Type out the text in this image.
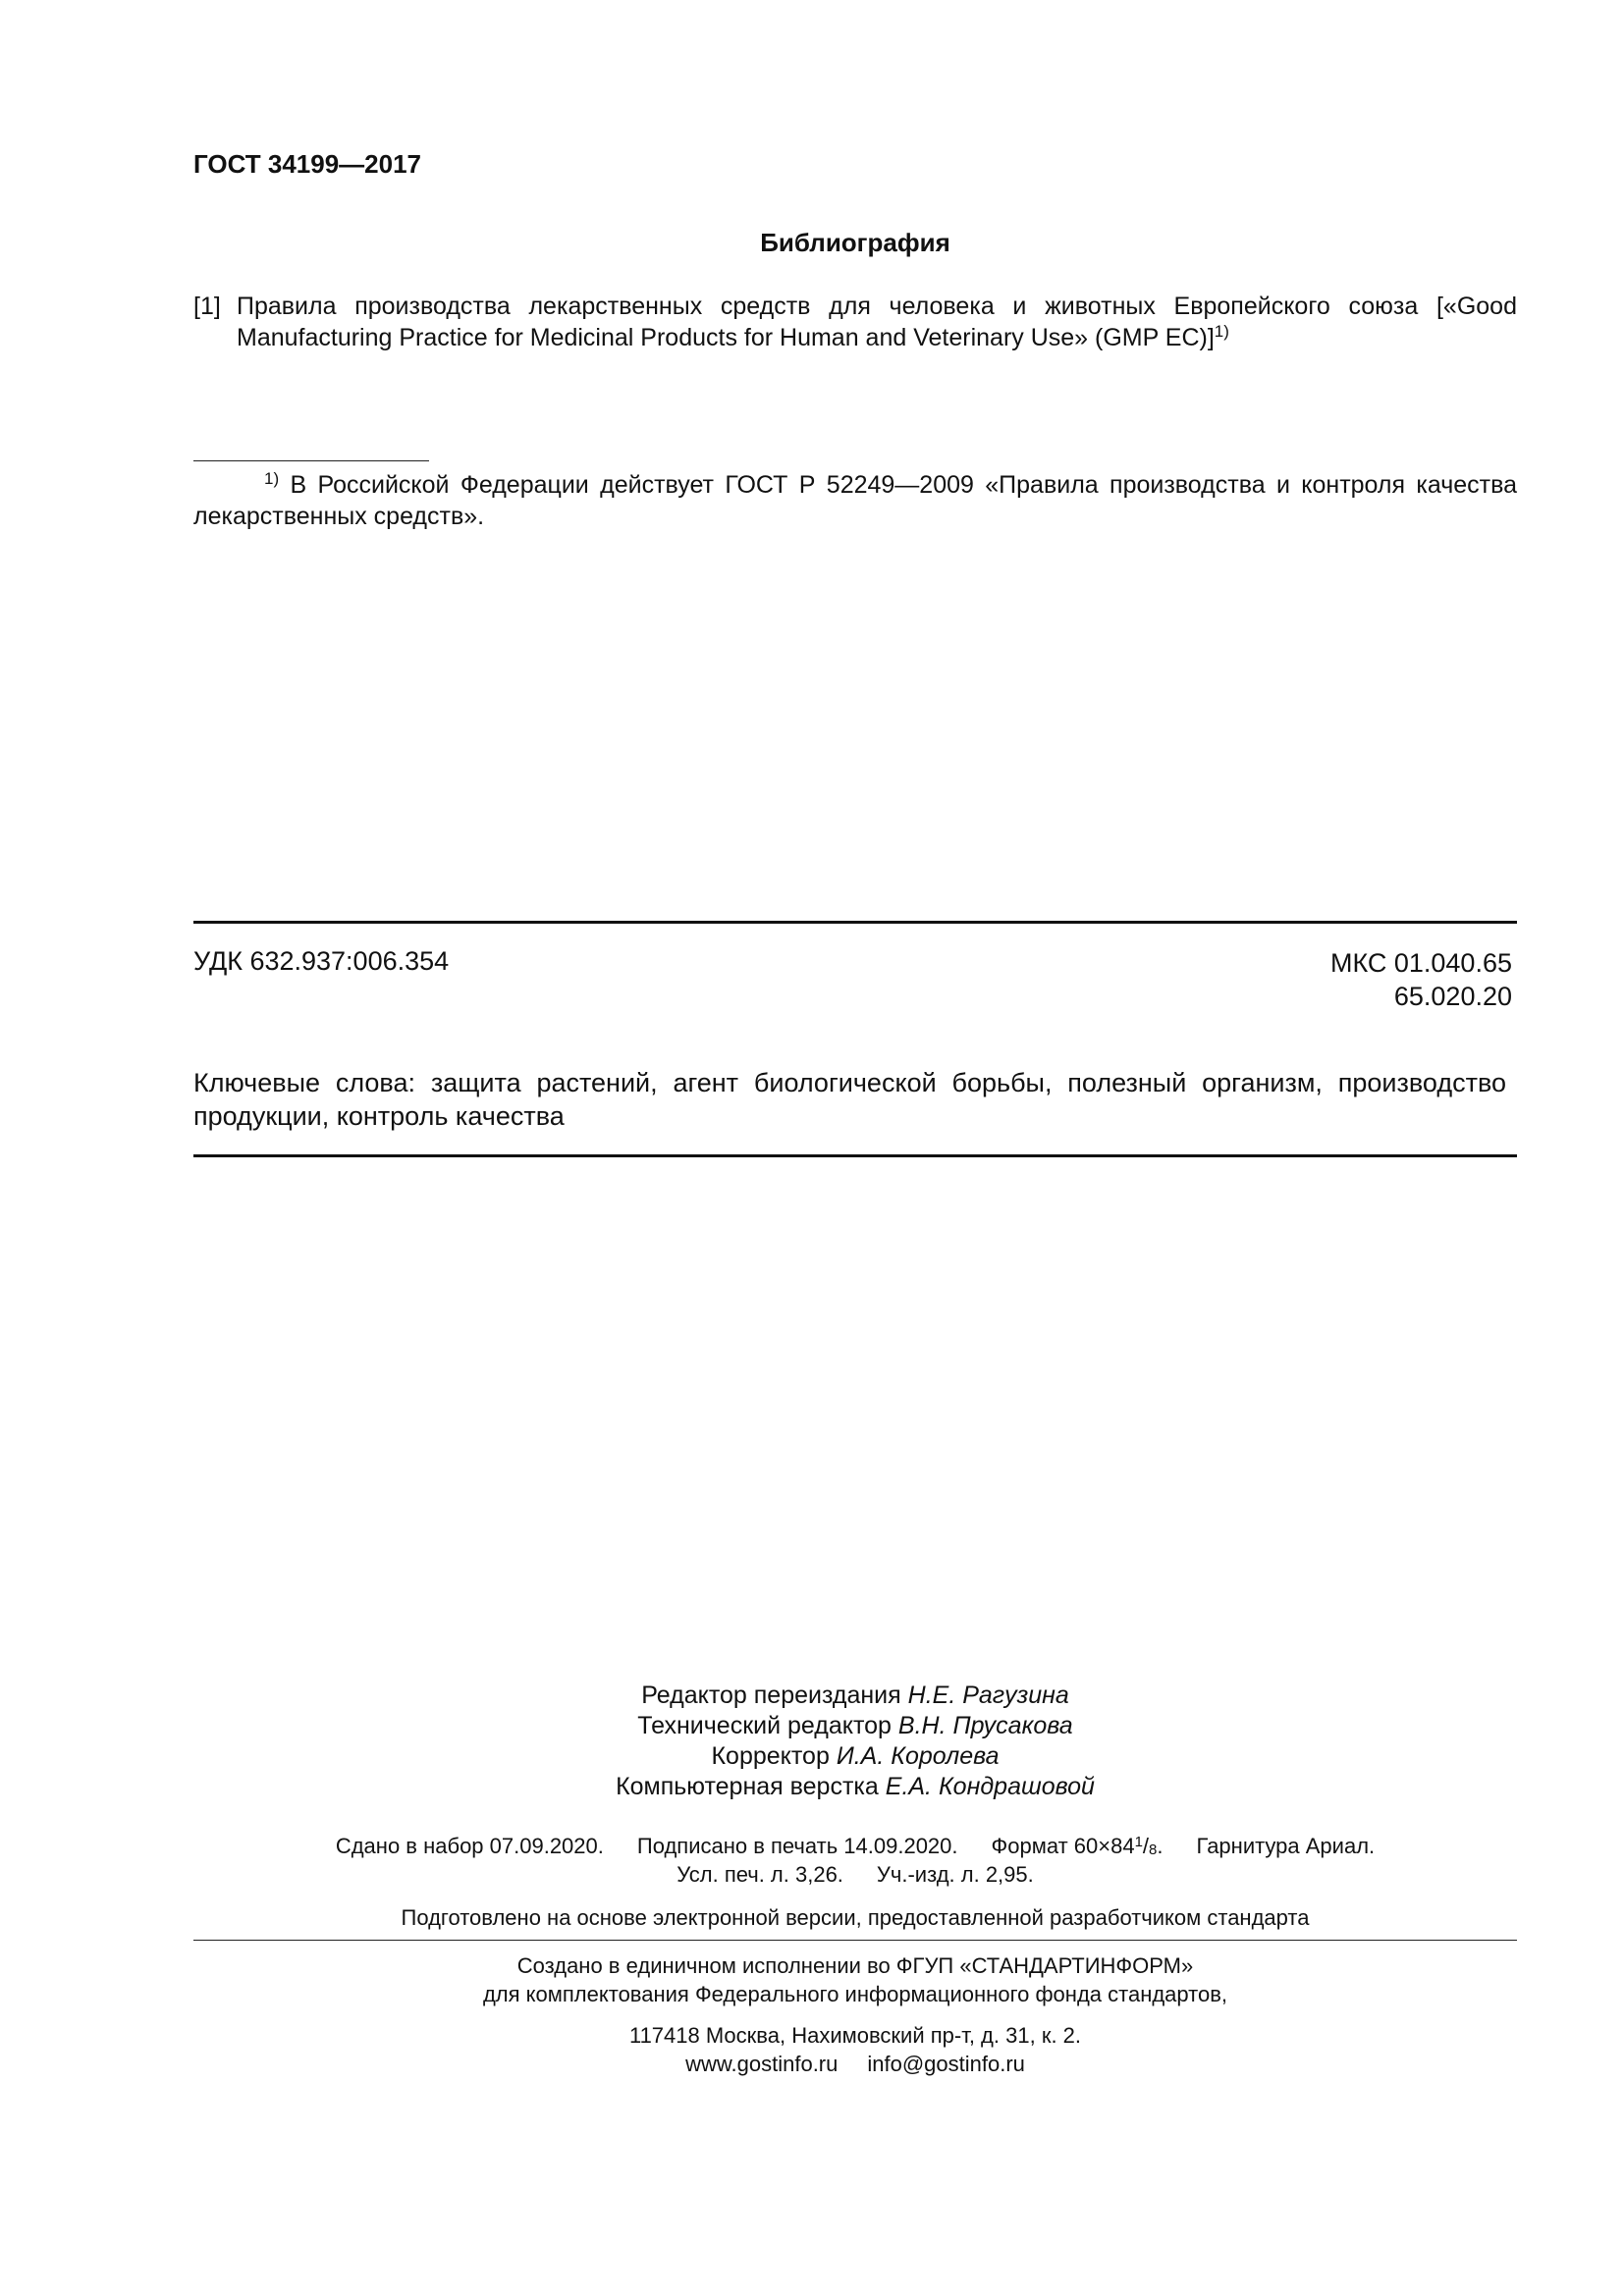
ГОСТ 34199—2017
Библиография
[1] Правила производства лекарственных средств для человека и животных Европейского союза [«Good Manufacturing Practice for Medicinal Products for Human and Veterinary Use» (GMP EC)]$^{1)}$
$^{1)}$ В Российской Федерации действует ГОСТ Р 52249—2009 «Правила производства и контроля качества лекарственных средств».
УДК 632.937:006.354	МКС 01.040.65
65.020.20
Ключевые слова: защита растений, агент биологической борьбы, полезный организм, производство продукции, контроль качества
Редактор переиздания Н.Е. Рагузина
Технический редактор В.Н. Прусакова
Корректор И.А. Королева
Компьютерная верстка Е.А. Кондрашовой
Сдано в набор 07.09.2020. Подписано в печать 14.09.2020. Формат $60\times 84^1/_8$. Гарнитура Ариал.
Усл. печ. л. 3,26. Уч.-изд. л. 2,95.
Подготовлено на основе электронной версии, предоставленной разработчиком стандарта
Создано в единичном исполнении во ФГУП «СТАНДАРТИНФОРМ»
для комплектования Федерального информационного фонда стандартов,
117418 Москва, Нахимовский пр-т, д. 31, к. 2.
www.gostinfo.ru info@gostinfo.ru
